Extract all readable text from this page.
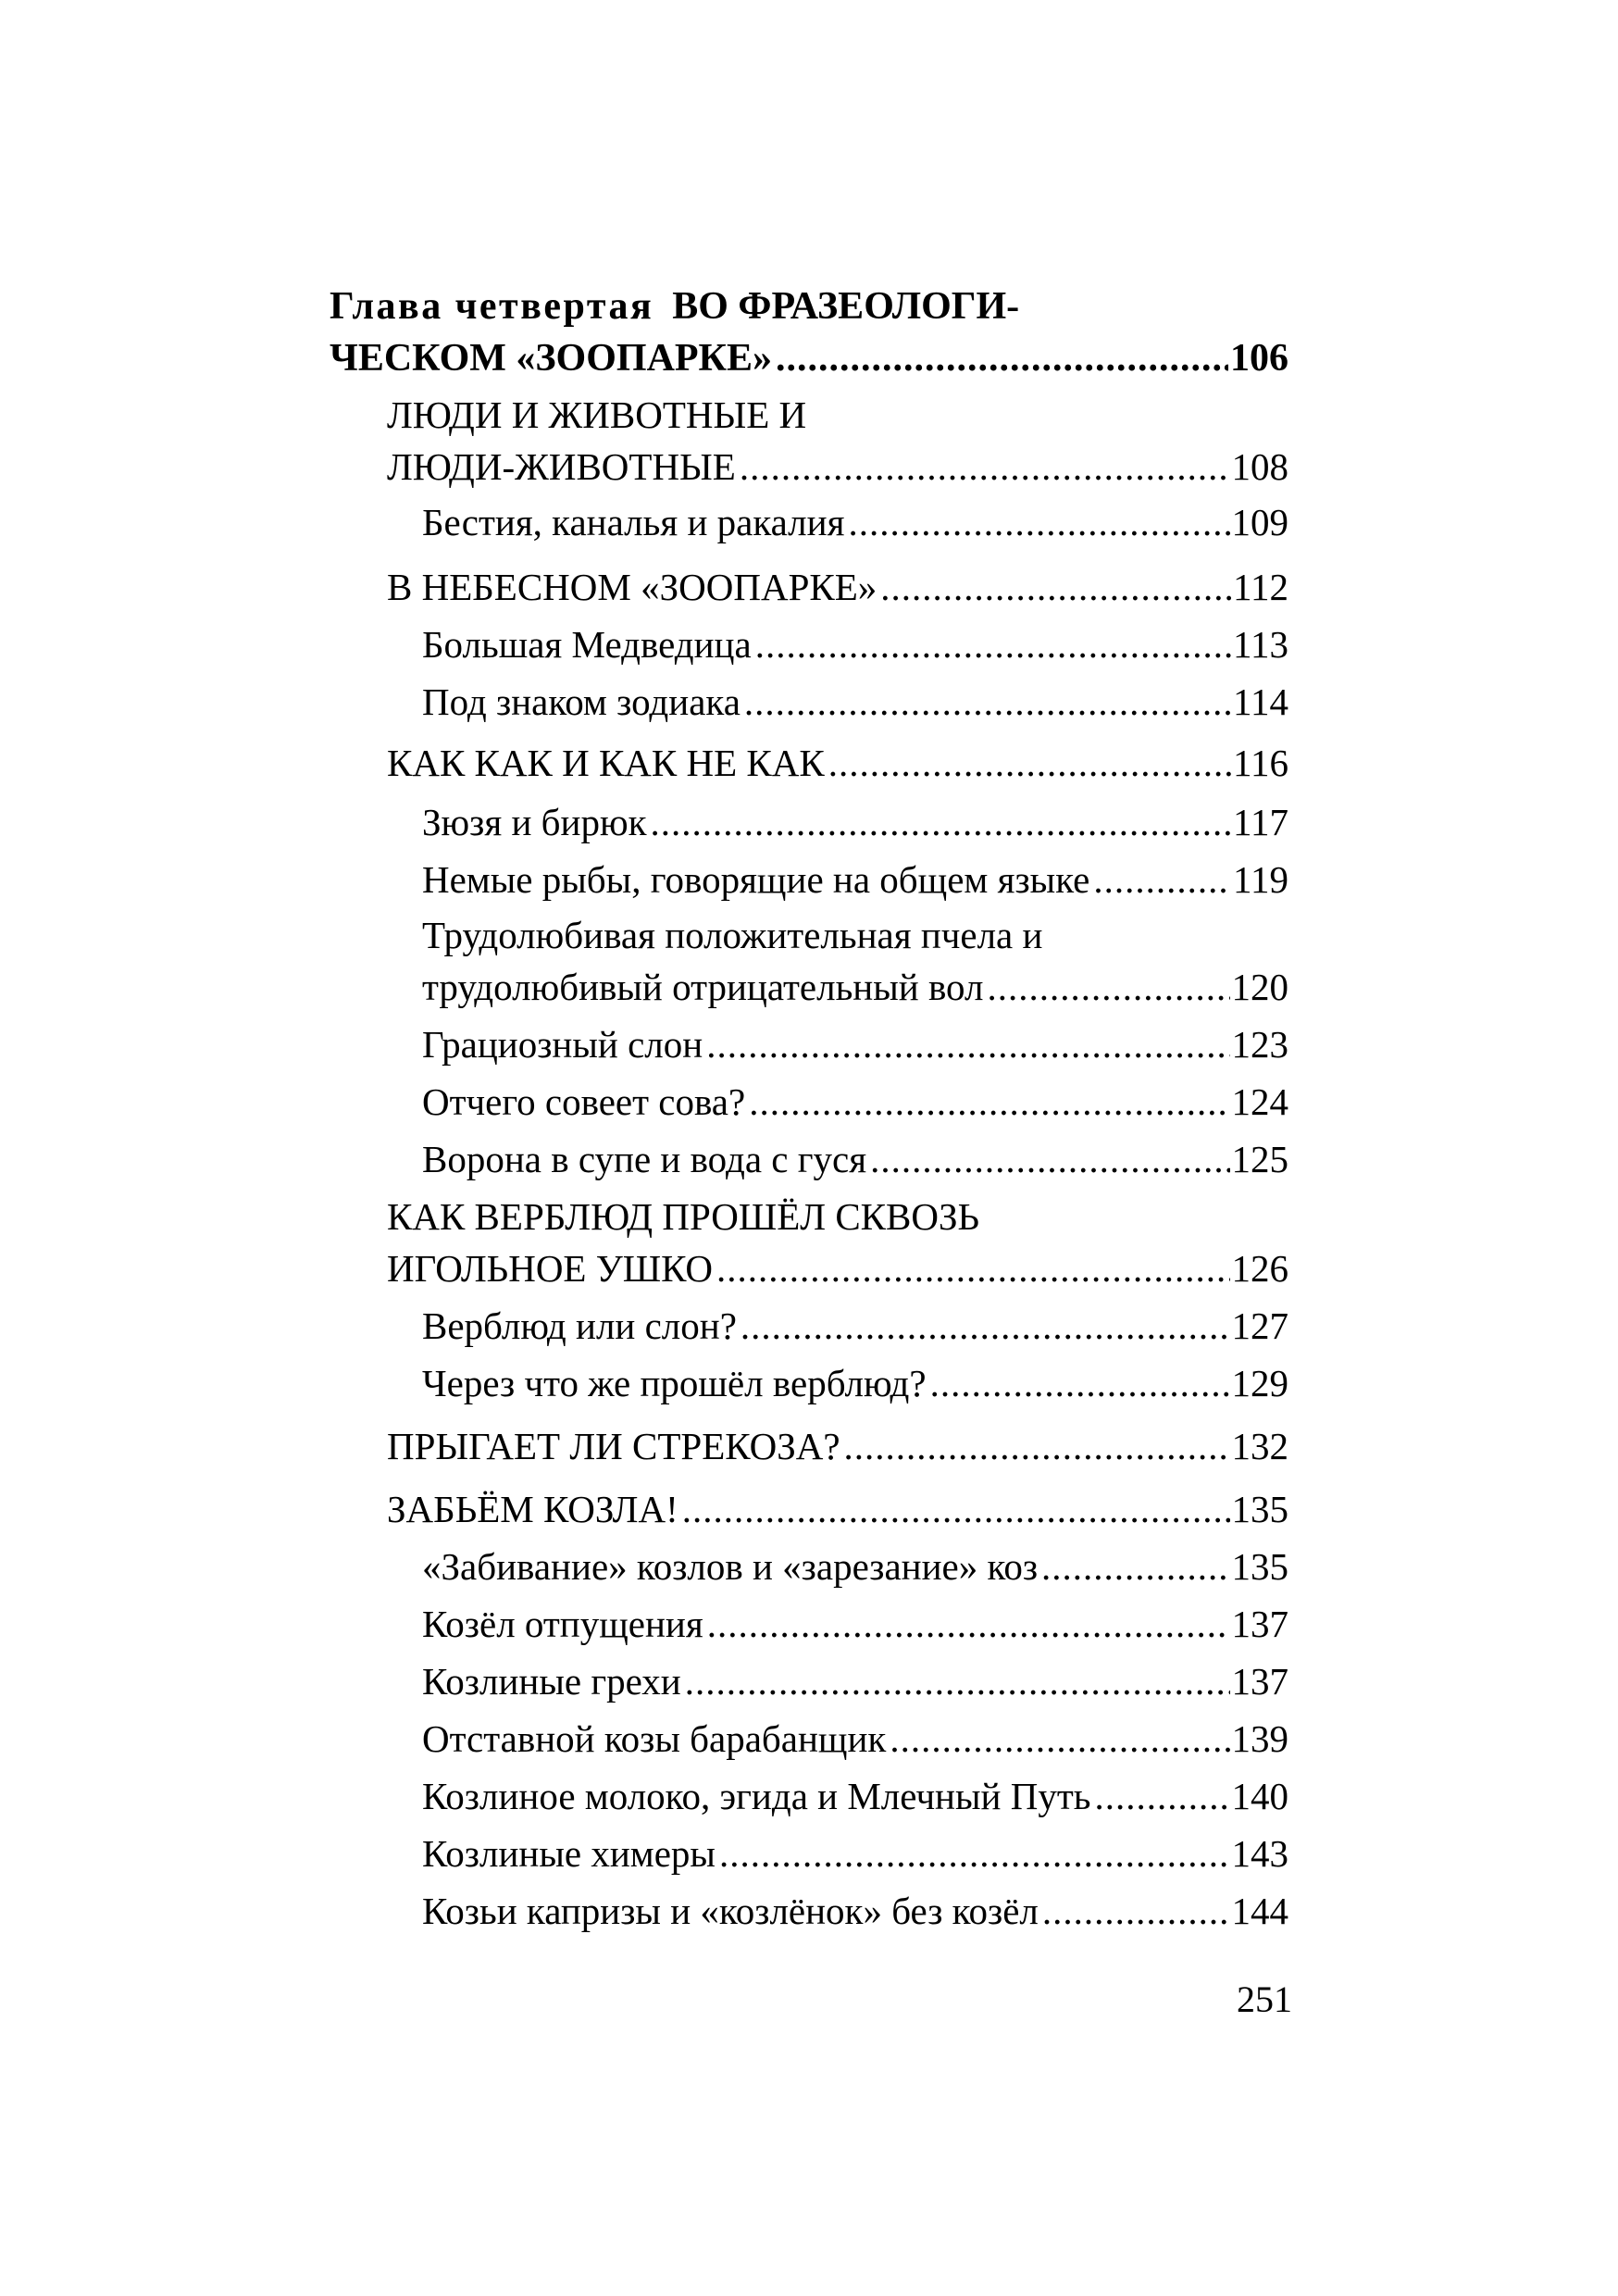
Глава четвертая ВО ФРАЗЕОЛОГИ-
ЧЕСКОМ «ЗООПАРКЕ» .....	106
ЛЮДИ И ЖИВОТНЫЕ И
ЛЮДИ-ЖИВОТНЫЕ .....	108
Бестия, каналья и ракалия .....	109
В НЕБЕСНОМ «ЗООПАРКЕ» .....	112
Большая Медведица .....	113
Под знаком зодиака .....	114
КАК КАК И КАК НЕ КАК .....	116
Зюзя и бирюк .....	117
Немые рыбы, говорящие на общем языке .....	119
Трудолюбивая положительная пчела и
трудолюбивый отрицательный вол .....	120
Грациозный слон .....	123
Отчего совеет сова? .....	124
Ворона в супе и вода с гуся .....	125
КАК ВЕРБЛЮД ПРОШЁЛ СКВОЗЬ
ИГОЛЬНОЕ УШКО .....	126
Верблюд или слон? .....	127
Через что же прошёл верблюд? .....	129
ПРЫГАЕТ ЛИ СТРЕКОЗА? .....	132
ЗАБЬЁМ КОЗЛА! .....	135
«Забивание» козлов и «зарезание» коз .....	135
Козёл отпущения .....	137
Козлиные грехи .....	137
Отставной козы барабанщик .....	139
Козлиное молоко, эгида и Млечный Путь .....	140
Козлиные химеры .....	143
Козьи капризы и «козлёнок» без козёл .....	144
251
